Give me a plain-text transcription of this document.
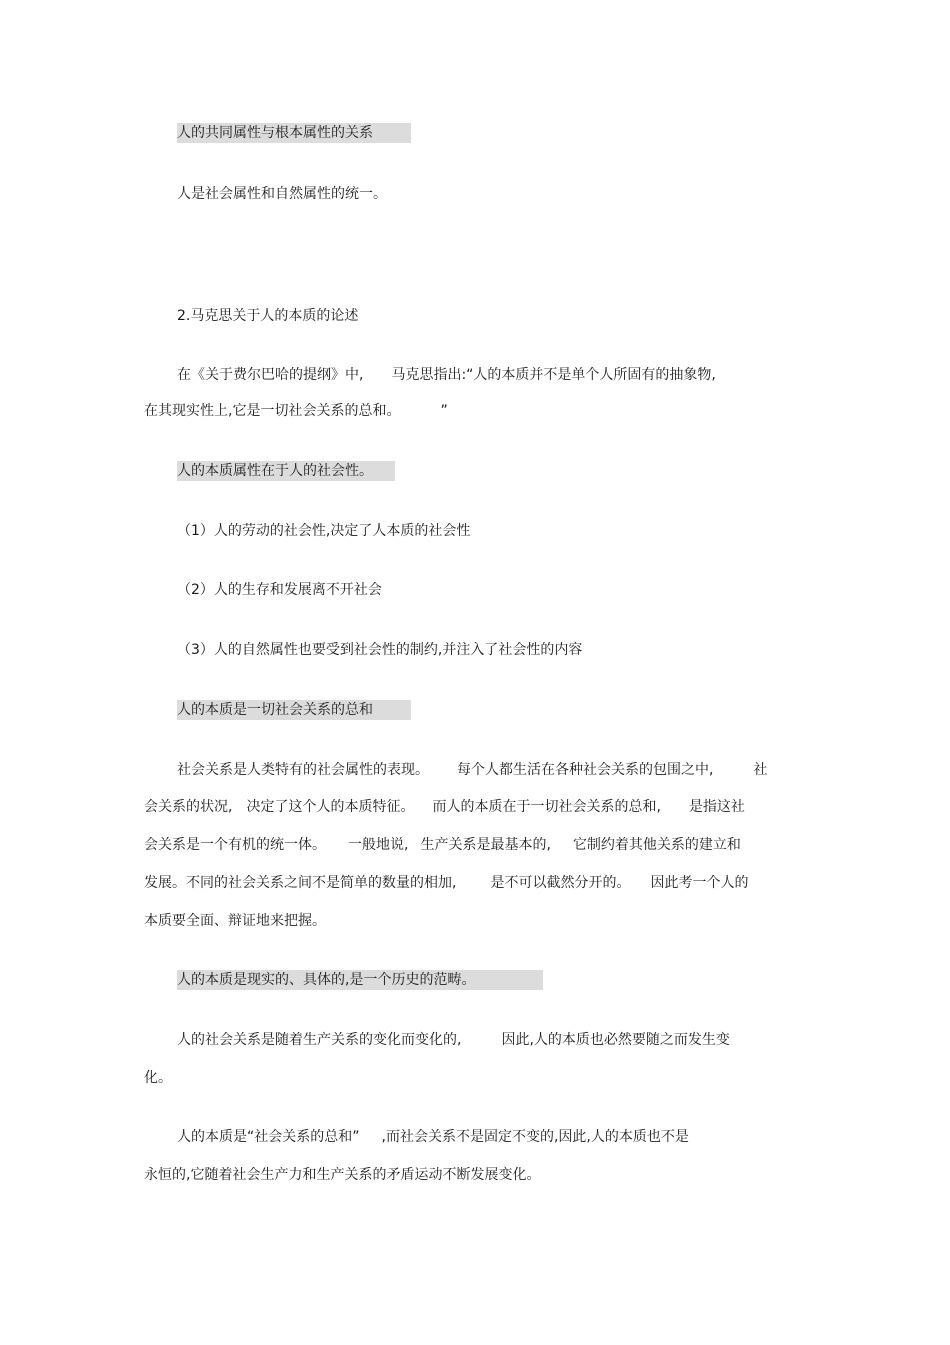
人的共同属性与根本属性的关系
人是社会属性和自然属性的统一。
2.马克思关于人的本质的论述
在《关于费尔巴哈的提纲》中, 马克思指出:“人的本质并不是单个人所固有的抽象物,
在其现实性上,它是一切社会关系的总和。	”
人的本质属性在于人的社会性。
（1）人的劳动的社会性,决定了人本质的社会性
（2）人的生存和发展离不开社会
（3）人的自然属性也要受到社会性的制约,并注入了社会性的内容
人的本质是一切社会关系的总和
社会关系是人类特有的社会属性的表现。 每个人都生活在各种社会关系的包围之中,	社
会关系的状况, 决定了这个人的本质特征。 而人的本质在于一切社会关系的总和, 是指这社
会关系是一个有机的统一体。 一般地说, 生产关系是最基本的, 它制约着其他关系的建立和
发展。不同的社会关系之间不是简单的数量的相加, 是不可以截然分开的。 因此考一个人的
本质要全面、辩证地来把握。
人的本质是现实的、具体的,是一个历史的范畴。
人的社会关系是随着生产关系的变化而变化的,	因此,人的本质也必然要随之而发生变
化。
人的本质是“社会关系的总和” ,而社会关系不是固定不变的,因此,人的本质也不是
永恒的,它随着社会生产力和生产关系的矛盾运动不断发展变化。
